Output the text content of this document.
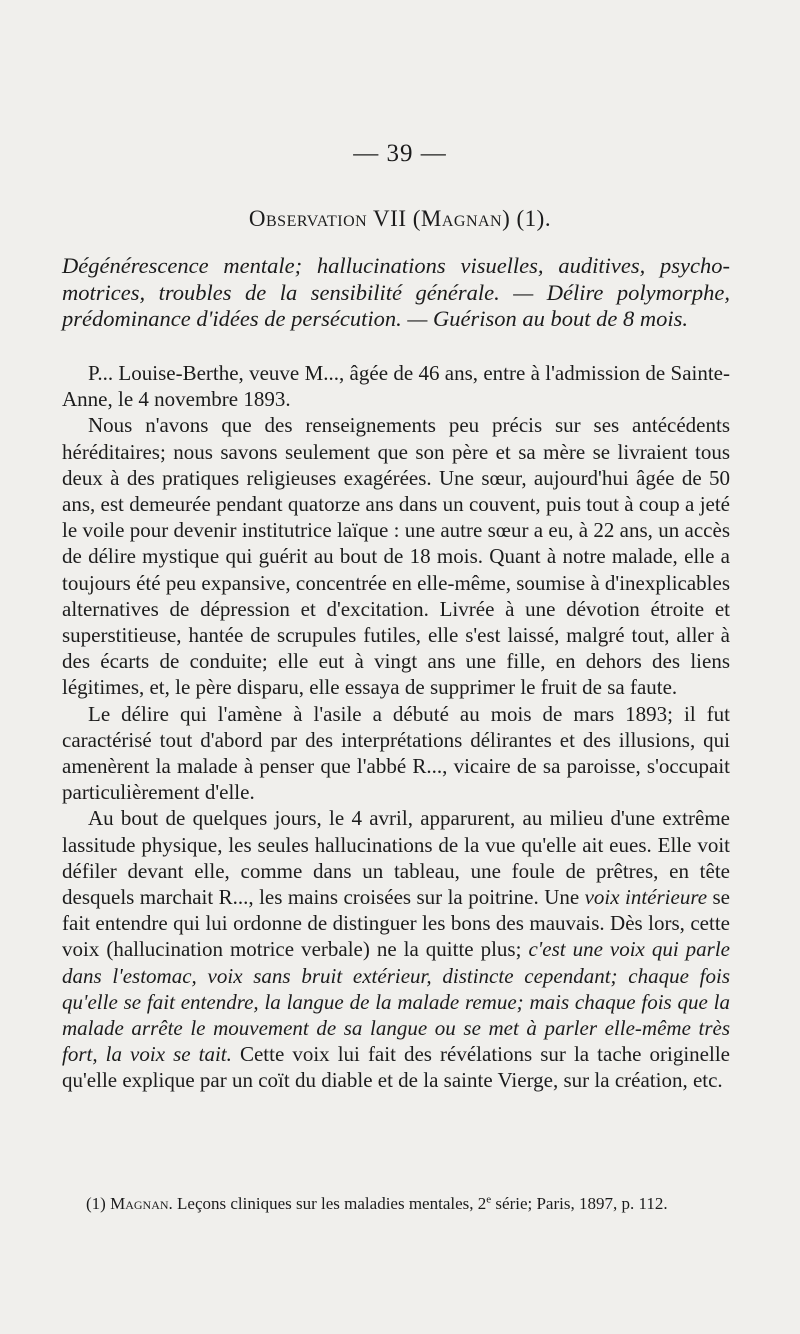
— 39 —
Observation VII (Magnan) (1).
Dégénérescence mentale; hallucinations visuelles, auditives, psycho-motrices, troubles de la sensibilité générale. — Délire polymorphe, prédominance d'idées de persécution. — Guérison au bout de 8 mois.

P... Louise-Berthe, veuve M..., âgée de 46 ans, entre à l'admission de Sainte-Anne, le 4 novembre 1893.

Nous n'avons que des renseignements peu précis sur ses antécédents héréditaires; nous savons seulement que son père et sa mère se livraient tous deux à des pratiques religieuses exagérées. Une sœur, aujourd'hui âgée de 50 ans, est demeurée pendant quatorze ans dans un couvent, puis tout à coup a jeté le voile pour devenir institutrice laïque : une autre sœur a eu, à 22 ans, un accès de délire mystique qui guérit au bout de 18 mois. Quant à notre malade, elle a toujours été peu expansive, concentrée en elle-même, soumise à d'inexplicables alternatives de dépression et d'excitation. Livrée à une dévotion étroite et superstitieuse, hantée de scrupules futiles, elle s'est laissé, malgré tout, aller à des écarts de conduite; elle eut à vingt ans une fille, en dehors des liens légitimes, et, le père disparu, elle essaya de supprimer le fruit de sa faute.

Le délire qui l'amène à l'asile a débuté au mois de mars 1893; il fut caractérisé tout d'abord par des interprétations délirantes et des illusions, qui amenèrent la malade à penser que l'abbé R..., vicaire de sa paroisse, s'occupait particulièrement d'elle.

Au bout de quelques jours, le 4 avril, apparurent, au milieu d'une extrême lassitude physique, les seules hallucinations de la vue qu'elle ait eues. Elle voit défiler devant elle, comme dans un tableau, une foule de prêtres, en tête desquels marchait R..., les mains croisées sur la poitrine. Une voix intérieure se fait entendre qui lui ordonne de distinguer les bons des mauvais. Dès lors, cette voix (hallucination motrice verbale) ne la quitte plus; c'est une voix qui parle dans l'estomac, voix sans bruit extérieur, distincte cependant; chaque fois qu'elle se fait entendre, la langue de la malade remue; mais chaque fois que la malade arrête le mouvement de sa langue ou se met à parler elle-même très fort, la voix se tait. Cette voix lui fait des révélations sur la tache originelle qu'elle explique par un coït du diable et de la sainte Vierge, sur la création, etc.

(1) Magnan. Leçons cliniques sur les maladies mentales, 2e série; Paris, 1897, p. 112.
